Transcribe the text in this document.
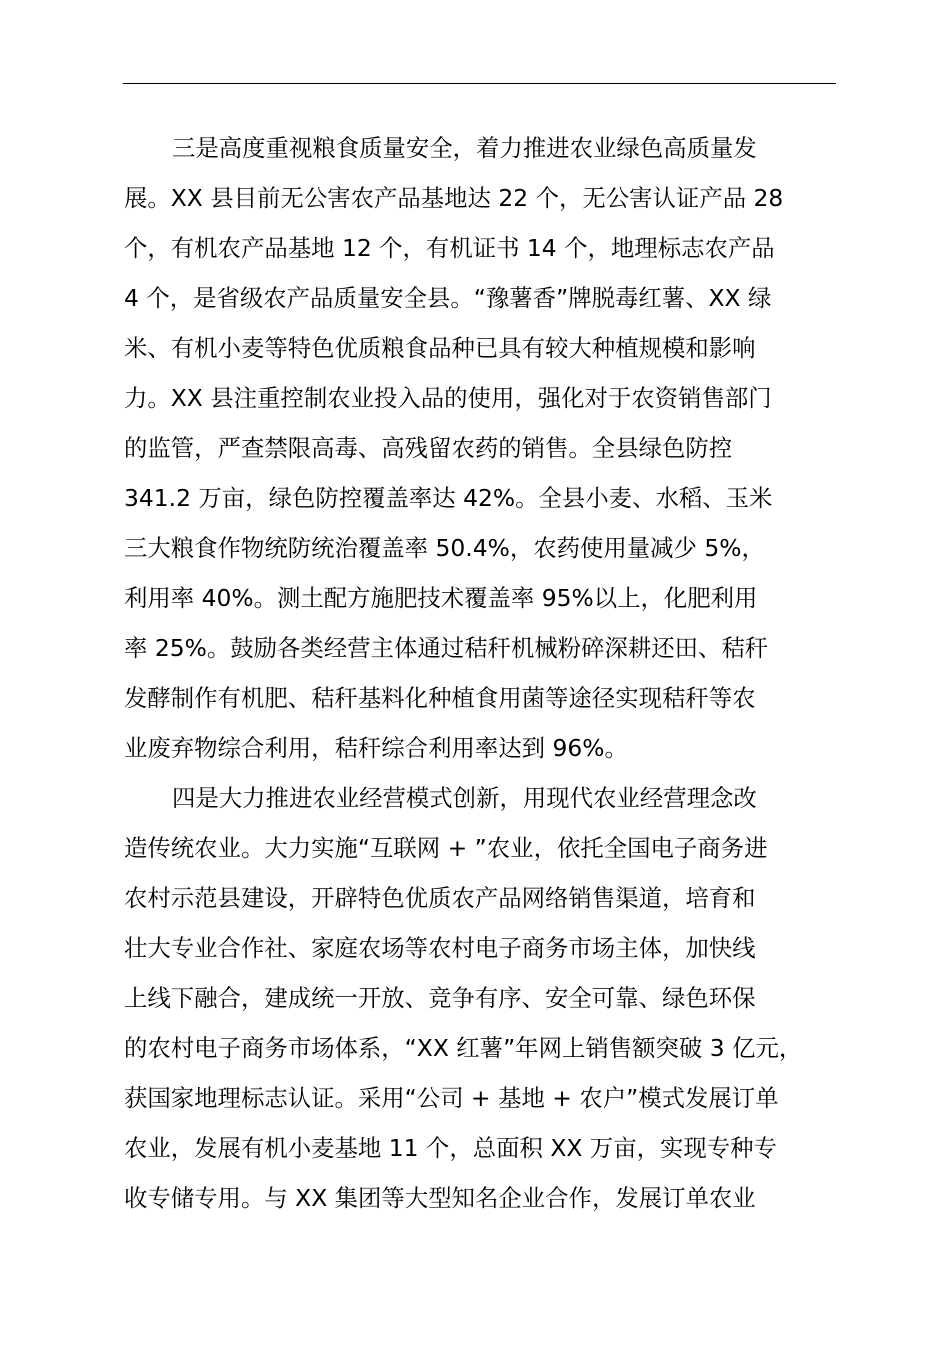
三是高度重视粮食质量安全，着力推进农业绿色高质量发
展。XX 县目前无公害农产品基地达 22 个，无公害认证产品 28
个，有机农产品基地 12 个，有机证书 14 个，地理标志农产品
4 个，是省级农产品质量安全县。“豫薯香”牌脱毒红薯、XX 绿
米、有机小麦等特色优质粮食品种已具有较大种植规模和影响
力。XX 县注重控制农业投入品的使用，强化对于农资销售部门
的监管，严查禁限高毒、高残留农药的销售。全县绿色防控
341.2 万亩，绿色防控覆盖率达 42%。全县小麦、水稻、玉米
三大粮食作物统防统治覆盖率 50.4%，农药使用量减少 5%，
利用率 40%。测土配方施肥技术覆盖率 95%以上，化肥利用
率 25%。鼓励各类经营主体通过秸秆机械粉碎深耕还田、秸秆
发酵制作有机肥、秸秆基料化种植食用菌等途径实现秸秆等农
业废弃物综合利用，秸秆综合利用率达到 96%。
四是大力推进农业经营模式创新，用现代农业经营理念改
造传统农业。大力实施“互联网 + ”农业，依托全国电子商务进
农村示范县建设，开辟特色优质农产品网络销售渠道，培育和
壮大专业合作社、家庭农场等农村电子商务市场主体，加快线
上线下融合，建成统一开放、竞争有序、安全可靠、绿色环保
的农村电子商务市场体系，“XX 红薯”年网上销售额突破 3 亿元，
获国家地理标志认证。采用“公司 + 基地 + 农户”模式发展订单
农业，发展有机小麦基地 11 个，总面积 XX 万亩，实现专种专
收专储专用。与 XX 集团等大型知名企业合作，发展订单农业
